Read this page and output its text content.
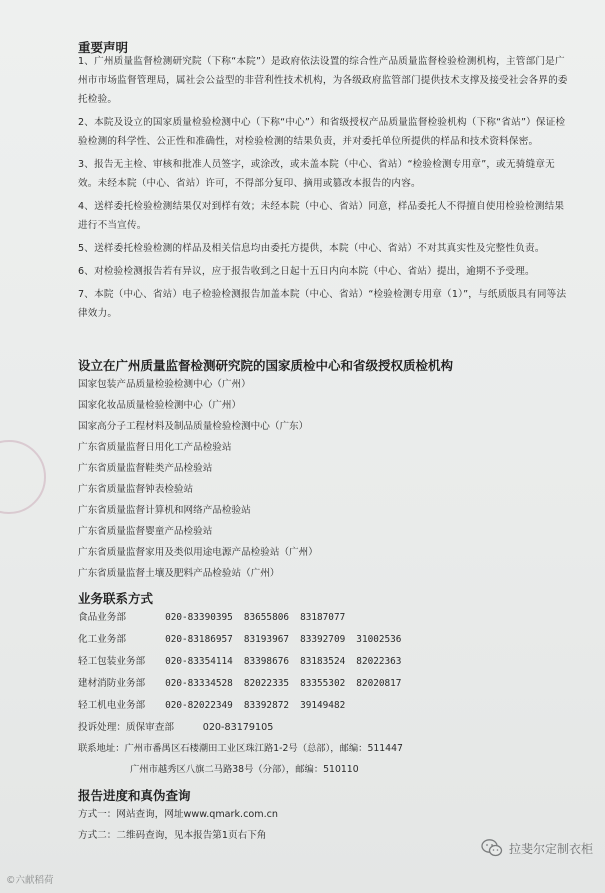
重要声明

1、广州质量监督检测研究院（下称“本院”）是政府依法设置的综合性产品质量监督检验检测机构，主管部门是广州市市场监督管理局，属社会公益型的非营利性技术机构，为各级政府监管部门提供技术支撑及接受社会各界的委托检验。

2、本院及设立的国家质量检验检测中心（下称“中心”）和省级授权产品质量监督检验机构（下称“省站”）保证检验检测的科学性、公正性和准确性，对检验检测的结果负责，并对委托单位所提供的样品和技术资料保密。

3、报告无主检、审核和批准人员签字，或涂改，或未盖本院（中心、省站）“检验检测专用章”，或无骑缝章无效。未经本院（中心、省站）许可，不得部分复印、摘用或篡改本报告的内容。

4、送样委托检验检测结果仅对到样有效；未经本院（中心、省站）同意，样品委托人不得擅自使用检验检测结果进行不当宣传。

5、送样委托检验检测的样品及相关信息均由委托方提供，本院（中心、省站）不对其真实性及完整性负责。

6、对检验检测报告若有异议，应于报告收到之日起十五日内向本院（中心、省站）提出，逾期不予受理。

7、本院（中心、省站）电子检验检测报告加盖本院（中心、省站）“检验检测专用章（1）”，与纸质版具有同等法律效力。

设立在广州质量监督检测研究院的国家质检中心和省级授权质检机构
国家包装产品质量检验检测中心（广州）
国家化妆品质量检验检测中心（广州）
国家高分子工程材料及制品质量检验检测中心（广东）
广东省质量监督日用化工产品检验站
广东省质量监督鞋类产品检验站
广东省质量监督钟表检验站
广东省质量监督计算机和网络产品检验站
广东省质量监督婴童产品检验站
广东省质量监督家用及类似用途电源产品检验站（广州）
广东省质量监督土壤及肥料产品检验站（广州）
业务联系方式
食品业务部	020-83390395 83655806 83187077
化工业务部	020-83186957 83193967 83392709 31002536
轻工包装业务部 020-83354114 83398676 83183524 82022363
建材消防业务部 020-83334528 82022335 83355302 82020817
轻工机电业务部 020-82022349 83392872 39149482
投诉处理：质保审查部　　　020-83179105
联系地址：广州市番禺区石楼潮田工业区珠江路1-2号（总部），邮编：511447
广州市越秀区八旗二马路38号（分部），邮编：510110
报告进度和真伪查询
方式一：网站查询，网址www.qmark.com.cn
方式二：二维码查询，见本报告第1页右下角
©六献稻荷
拉斐尔定制衣柜
